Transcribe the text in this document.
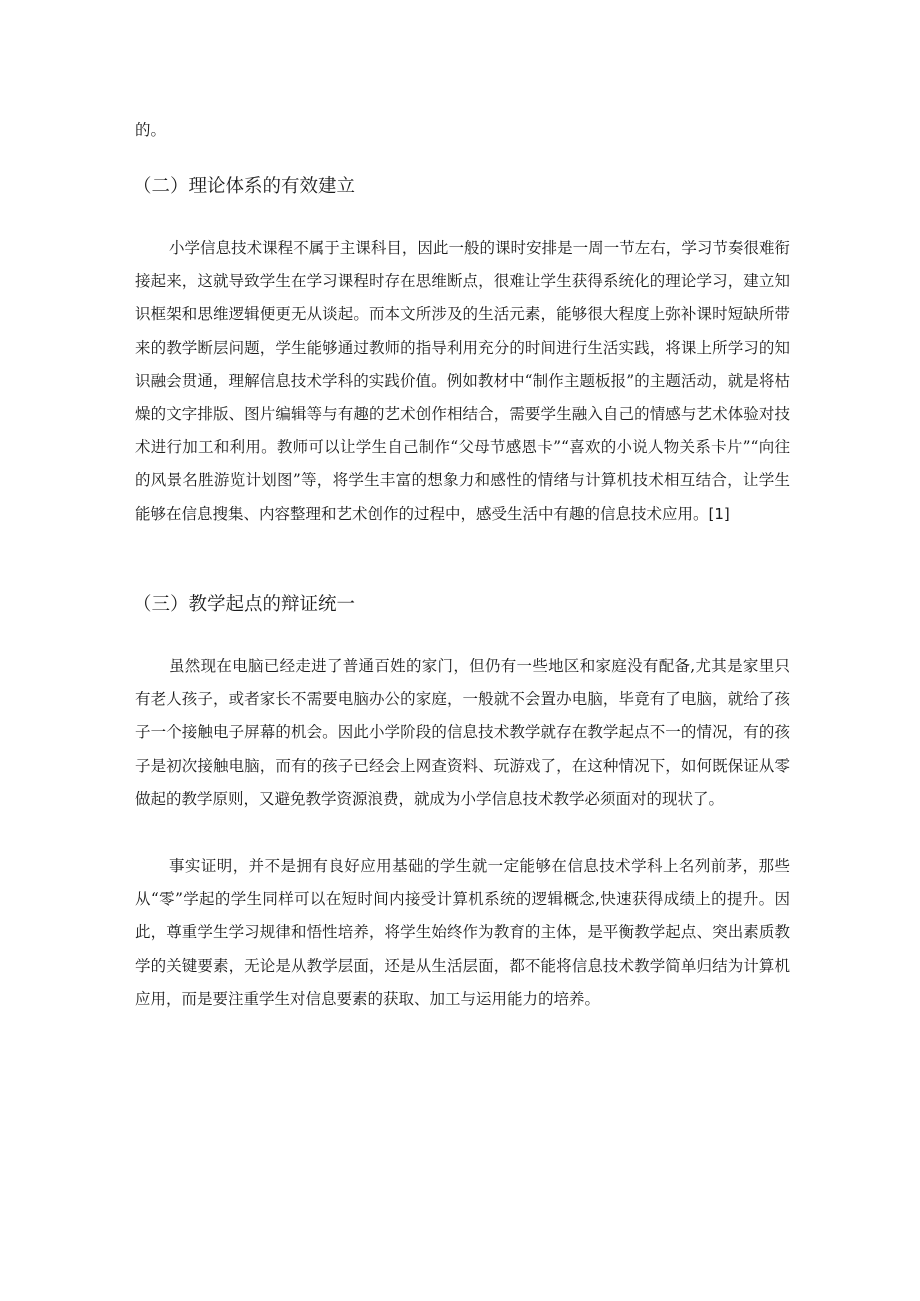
的。
（二）理论体系的有效建立

小学信息技术课程不属于主课科目，因此一般的课时安排是一周一节左右，学习节奏很难衔接起来，这就导致学生在学习课程时存在思维断点，很难让学生获得系统化的理论学习，建立知识框架和思维逻辑便更无从谈起。而本文所涉及的生活元素，能够很大程度上弥补课时短缺所带来的教学断层问题，学生能够通过教师的指导利用充分的时间进行生活实践，将课上所学习的知识融会贯通，理解信息技术学科的实践价值。例如教材中“制作主题板报”的主题活动，就是将枯燥的文字排版、图片编辑等与有趣的艺术创作相结合，需要学生融入自己的情感与艺术体验对技术进行加工和利用。教师可以让学生自己制作“父母节感恩卡”“喜欢的小说人物关系卡片”“向往的风景名胜游览计划图”等，将学生丰富的想象力和感性的情绪与计算机技术相互结合，让学生能够在信息搜集、内容整理和艺术创作的过程中，感受生活中有趣的信息技术应用。[1]

（三）教学起点的辩证统一

虽然现在电脑已经走进了普通百姓的家门，但仍有一些地区和家庭没有配备,尤其是家里只有老人孩子，或者家长不需要电脑办公的家庭，一般就不会置办电脑，毕竟有了电脑，就给了孩子一个接触电子屏幕的机会。因此小学阶段的信息技术教学就存在教学起点不一的情况，有的孩子是初次接触电脑，而有的孩子已经会上网查资料、玩游戏了，在这种情况下，如何既保证从零做起的教学原则，又避免教学资源浪费，就成为小学信息技术教学必须面对的现状了。

事实证明，并不是拥有良好应用基础的学生就一定能够在信息技术学科上名列前茅，那些从“零”学起的学生同样可以在短时间内接受计算机系统的逻辑概念,快速获得成绩上的提升。因此，尊重学生学习规律和悟性培养，将学生始终作为教育的主体，是平衡教学起点、突出素质教学的关键要素，无论是从教学层面，还是从生活层面，都不能将信息技术教学简单归结为计算机应用，而是要注重学生对信息要素的获取、加工与运用能力的培养。
